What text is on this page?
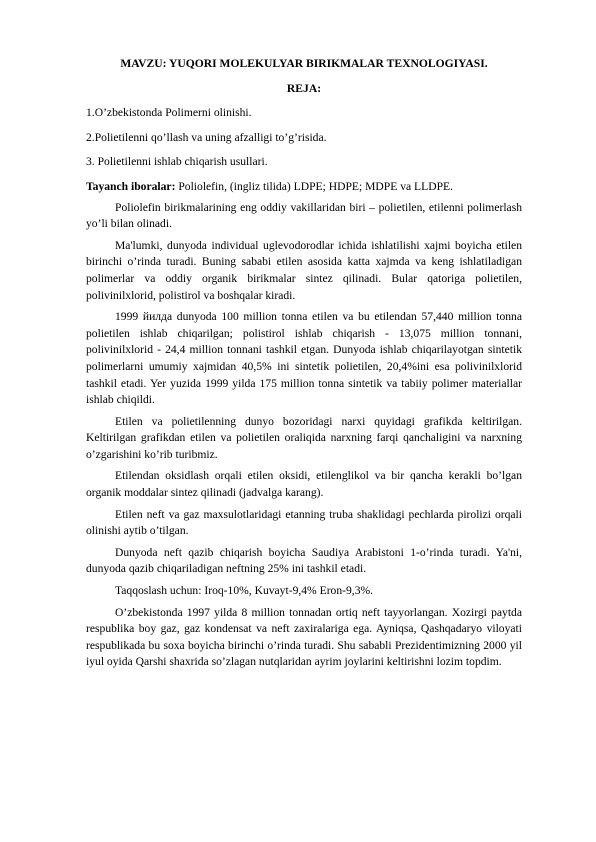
MAVZU: YUQORI MOLEKULYAR BIRIKMALAR TEXNOLOGIYASI.
REJA:
1.O’zbekistonda Polimerni olinishi.
2.Polietilenni qo’llash va uning afzalligi to’g’risida.
3. Polietilenni ishlab chiqarish usullari.
Tayanch iboralar: Poliolefin, (ingliz tilida) LDPE; HDPE; MDPE va LLDPE.

Poliolefin birikmalarining eng oddiy vakillaridan biri – polietilen, etilenni polimerlash yo’li bilan olinadi.

Ma'lumki, dunyoda individual uglevodorodlar ichida ishlatilishi xajmi boyicha etilen birinchi o’rinda turadi. Buning sababi etilen asosida katta xajmda va keng ishlatiladigan polimerlar va oddiy organik birikmalar sintez qilinadi. Bular qatoriga polietilen, polivinilxlorid, polistirol va boshqalar kiradi.

1999 йилда dunyoda 100 million tonna etilen va bu etilendan 57,440 million tonna polietilen ishlab chiqarilgan; polistirol ishlab chiqarish - 13,075 million tonnani, polivinilxlorid - 24,4 million tonnani tashkil etgan. Dunyoda ishlab chiqarilayotgan sintetik polimerlarni umumiy xajmidan 40,5% ini sintetik polietilen, 20,4%ini esa polivinilxlorid tashkil etadi. Yer yuzida 1999 yilda 175 million tonna sintetik va tabiiy polimer materiallar ishlab chiqildi.

Etilen va polietilenning dunyo bozoridagi narxi quyidagi grafikda keltirilgan. Keltirilgan grafikdan etilen va polietilen oraliqida narxning farqi qanchaligini va narxning o’zgarishini ko’rib turibmiz.

Etilendan oksidlash orqali etilen oksidi, etilenglikol va bir qancha kerakli bo’lgan organik moddalar sintez qilinadi (jadvalga karang).

Etilen neft va gaz maxsulotlaridagi etanning truba shaklidagi pechlarda pirolizi orqali olinishi aytib o’tilgan.

Dunyoda neft qazib chiqarish boyicha Saudiya Arabistoni 1-o’rinda turadi. Ya'ni, dunyoda qazib chiqariladigan neftning 25% ini tashkil etadi.

Taqqoslash uchun: Iroq-10%, Kuvayt-9,4% Eron-9,3%.

O’zbekistonda 1997 yilda 8 million tonnadan ortiq neft tayyorlangan. Xozirgi paytda respublika boy gaz, gaz kondensat va neft zaxiralariga ega. Ayniqsa, Qashqadaryo viloyati respublikada bu soxa boyicha birinchi o’rinda turadi. Shu sababli Prezidentimizning 2000 yil iyul oyida Qarshi shaxrida so’zlagan nutqlaridan ayrim joylarini keltirishni lozim topdim.
